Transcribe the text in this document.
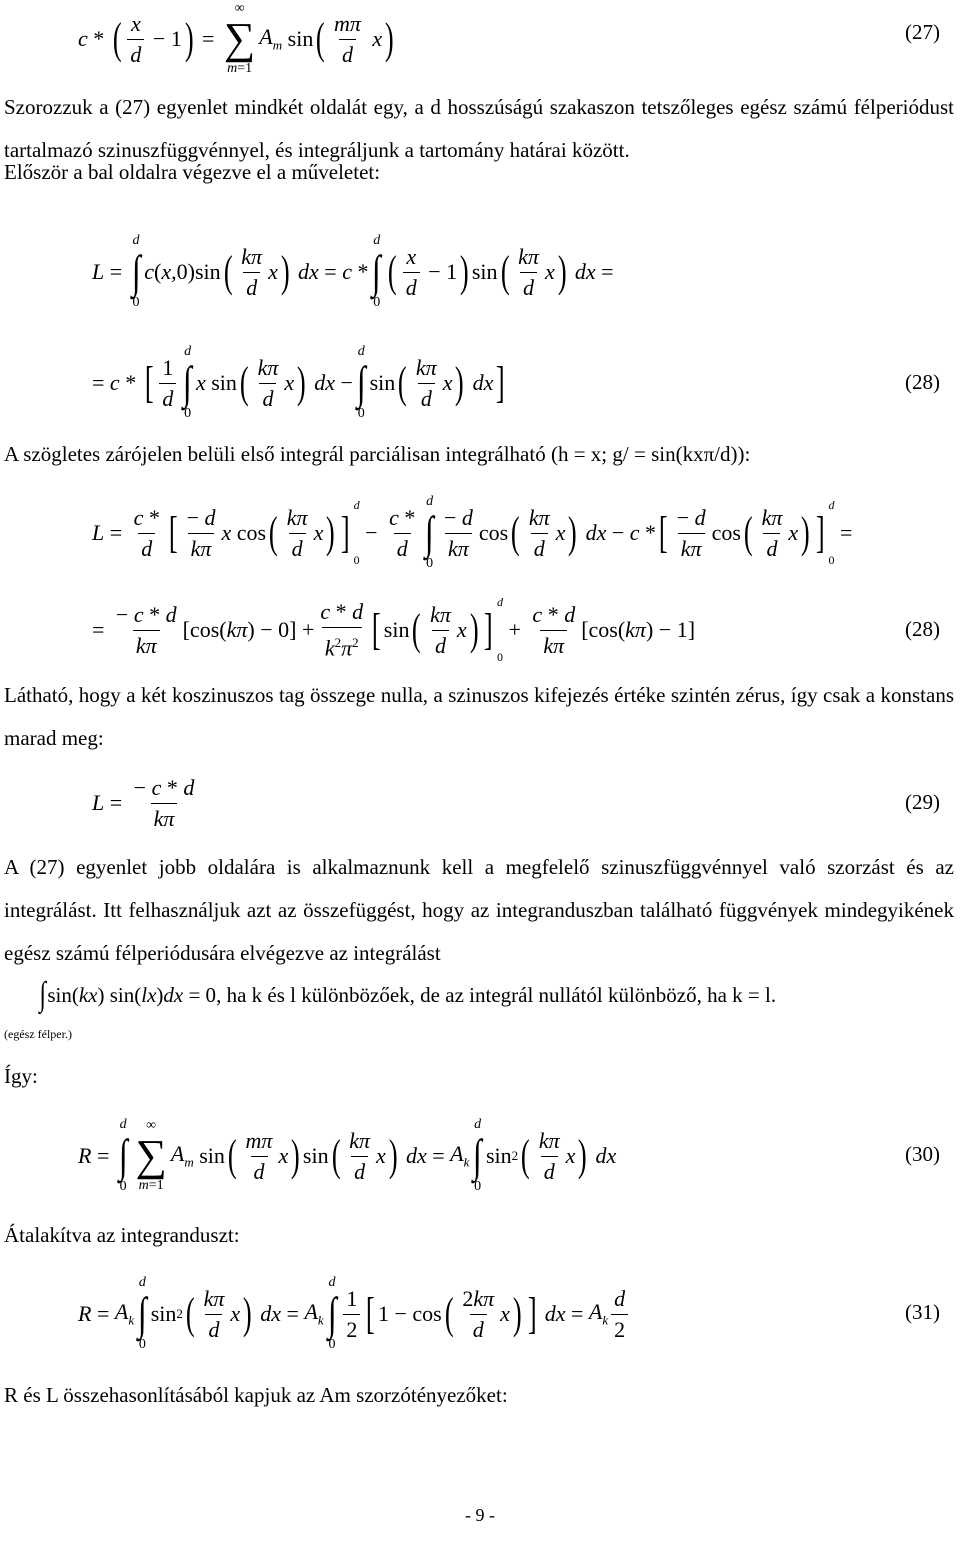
c * ( $\frac{x}{d} - 1$ ) =
∞
∑
m=1
$A_m$ sin ( $\frac{m\pi}{d}$
x )	(27)
Szorozzuk a (27) egyenlet mindkét oldalát egy, a d hosszúságú szakaszon tetszőleges egész számú félperiódust tartalmazó szinuszfüggvénnyel, és integráljunk a tartomány határai között.
Először a bal oldalra végezve el a műveletet:
L =
d
∫
0
c ( x ,0)sin ( $\frac{k\pi}{d}$ x )
dx = c *
d
∫
0
( $\frac{x}{d} - 1$ ) sin ( $\frac{k\pi}{d}$ x )
dx =
= c * [ $\frac{1}{d}$
d
∫
0
x sin ( $\frac{k\pi}{d}$ x )
dx −
d
∫
0
sin ( $\frac{k\pi}{d}$ x )
dx ]	(28)
A szögletes zárójelen belüli első integrál parciálisan integrálható (h = x; g/ = sin(kxπ/d)):
$L = \frac{c *}{d}$ [ $\frac{- d}{k\pi}$ x cos ( $\frac{k\pi}{d}$ x ) ]
d
0
− $\frac{c *}{d}$
d
∫
0
$\frac{- d}{k\pi}$ cos ( $\frac{k\pi}{d}$ x )
dx − c * [ $\frac{- d}{k\pi}$ cos ( $\frac{k\pi}{d}$ x ) ]
d
0
=
= $\frac{- c * d}{k\pi} [\cos$( kπ ) − $0] + \frac{c * d}{k^2\pi^2}$ [ sin ( $\frac{k\pi}{d}$ x ) ]
d
0
+ $\frac{c * d}{k\pi} [\cos$( kπ ) − 1]	(28)
Látható, hogy a két koszinuszos tag összege nulla, a szinuszos kifejezés értéke szintén zérus, így csak a konstans marad meg:
$L = \frac{- c * d}{k\pi}$	(29)
A (27) egyenlet jobb oldalára is alkalmaznunk kell a megfelelő szinuszfüggvénnyel való szorzást és az integrálást. Itt felhasználjuk azt az összefüggést, hogy az integranduszban található függvények mindegyikének egész számú félperiódusára elvégezve az integrálást
∫ sin( kx ) sin( lx ) dx = 0 , ha k és l különbözőek, de az integrál nullától különböző, ha k = l.
(egész félper.)
Így:
R =
d
∫
0
∞
∑
m=1
$A_m$ sin ( $\frac{m\pi}{d}$ x ) sin ( $\frac{k\pi}{d}$ x )
dx = $A_k$
d
∫
0
sin 2 ( $\frac{k\pi}{d}$ x )
dx	(30)
Átalakítva az integranduszt:
$R = A_k$
d
∫
0
sin 2 ( $\frac{k\pi}{d}$ x )
dx = $A_k$
d
∫
0
$\frac{1}{2}$ [ 1 − cos ( $\frac{2k\pi}{d}$ x ) ]
dx = $A_k \frac{d}{2}$	(31)
R és L összehasonlításából kapjuk az Am szorzótényezőket:
- 9 -
